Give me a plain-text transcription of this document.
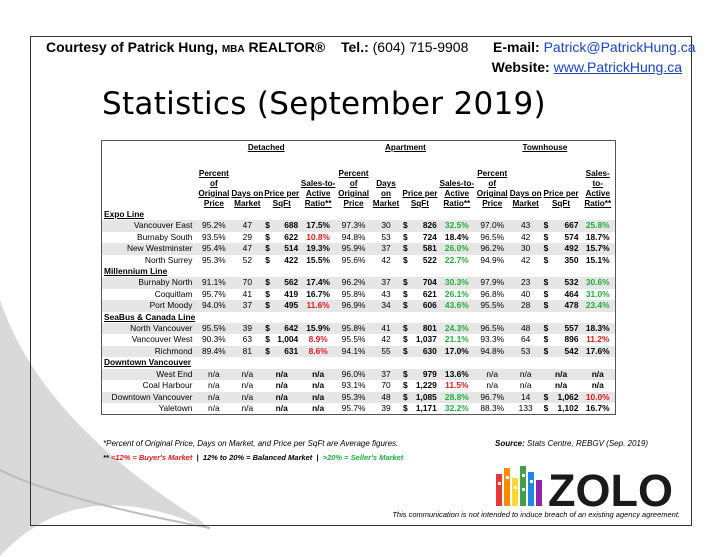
Courtesy of Patrick Hung, MBA REALTOR® Tel.: (604) 715-9908 E-mail: Patrick@PatrickHung.ca
Website: www.PatrickHung.ca
Statistics (September 2019)
	Detached				Apartment				Townhouse			
	Percent of Original Price	Days on Market	Price per SqFt	Sales-to-Active Ratio**	Percent of Original Price	Days on Market	Price per SqFt	Sales-to-Active Ratio**	Percent of Original Price	Days on Market	Price per SqFt	Sales-to-Active Ratio**
Expo Line												
Vancouver East	95.2%	47	$ 688	17.5%	97.3%	30	$ 826	32.5%	97.0%	43	$ 667	25.8%
Burnaby South	93.5%	29	$ 622	10.8%	94.8%	53	$ 724	18.4%	96.5%	42	$ 574	18.7%
New Westminster	95.4%	47	$ 514	19.3%	95.9%	37	$ 581	26.0%	96.2%	30	$ 492	15.7%
North Surrey	95.3%	52	$ 422	15.5%	95.6%	42	$ 522	22.7%	94.9%	42	$ 350	15.1%
Millennium Line												
Burnaby North	91.1%	70	$ 562	17.4%	96.2%	37	$ 704	30.3%	97.9%	23	$ 532	30.6%
Coquitlam	95.7%	41	$ 419	16.7%	95.8%	43	$ 621	26.1%	96.8%	40	$ 464	31.0%
Port Moody	94.0%	37	$ 495	11.6%	96.9%	34	$ 606	43.6%	95.5%	28	$ 478	23.4%
SeaBus & Canada Line												
North Vancouver	95.5%	39	$ 642	15.9%	95.8%	41	$ 801	24.3%	96.5%	48	$ 557	18.3%
Vancouver West	90.3%	63	$ 1,004	8.9%	95.5%	42	$ 1,037	21.1%	93.3%	64	$ 896	11.2%
Richmond	89.4%	81	$ 631	8.6%	94.1%	55	$ 630	17.0%	94.8%	53	$ 542	17.6%
Downtown Vancouver												
West End	n/a	n/a	n/a	n/a	96.0%	37	$ 979	13.6%	n/a	n/a	n/a	n/a
Coal Harbour	n/a	n/a	n/a	n/a	93.1%	70	$ 1,229	11.5%	n/a	n/a	n/a	n/a
Downtown Vancouver	n/a	n/a	n/a	n/a	95.3%	48	$ 1,085	28.8%	96.7%	14	$ 1,062	10.0%
Yaletown	n/a	n/a	n/a	n/a	95.7%	39	$ 1,171	32.2%	88.3%	133	$ 1,102	16.7%
*Percent of Original Price, Days on Market, and Price per SqFt are Average figures.	Source: Stats Centre, REBGV (Sep. 2019)
** <12% = Buyer's Market | 12% to 20% = Balanced Market | >20% = Seller's Market
ZOLO
This communication is not intended to induce breach of an existing agency agreement.
